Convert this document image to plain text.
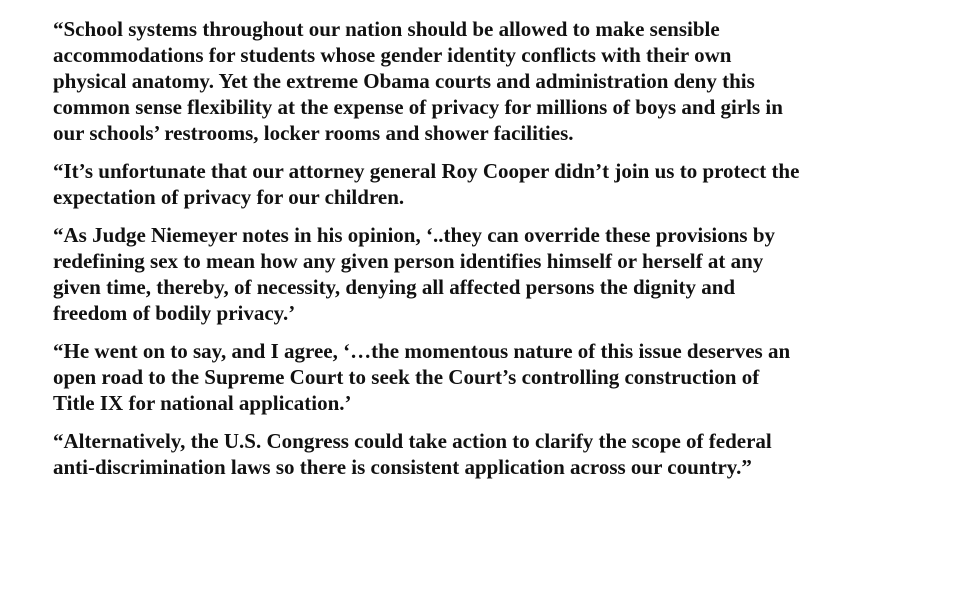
“School systems throughout our nation should be allowed to make sensible
accommodations for students whose gender identity conflicts with their own
physical anatomy. Yet the extreme Obama courts and administration deny this
common sense flexibility at the expense of privacy for millions of boys and girls in
our schools’ restrooms, locker rooms and shower facilities.

“It’s unfortunate that our attorney general Roy Cooper didn’t join us to protect the
expectation of privacy for our children.

“As Judge Niemeyer notes in his opinion, ‘..they can override these provisions by
redefining sex to mean how any given person identifies himself or herself at any
given time, thereby, of necessity, denying all affected persons the dignity and
freedom of bodily privacy.’

“He went on to say, and I agree, ‘…the momentous nature of this issue deserves an
open road to the Supreme Court to seek the Court’s controlling construction of
Title IX for national application.’

“Alternatively, the U.S. Congress could take action to clarify the scope of federal
anti-discrimination laws so there is consistent application across our country.”
